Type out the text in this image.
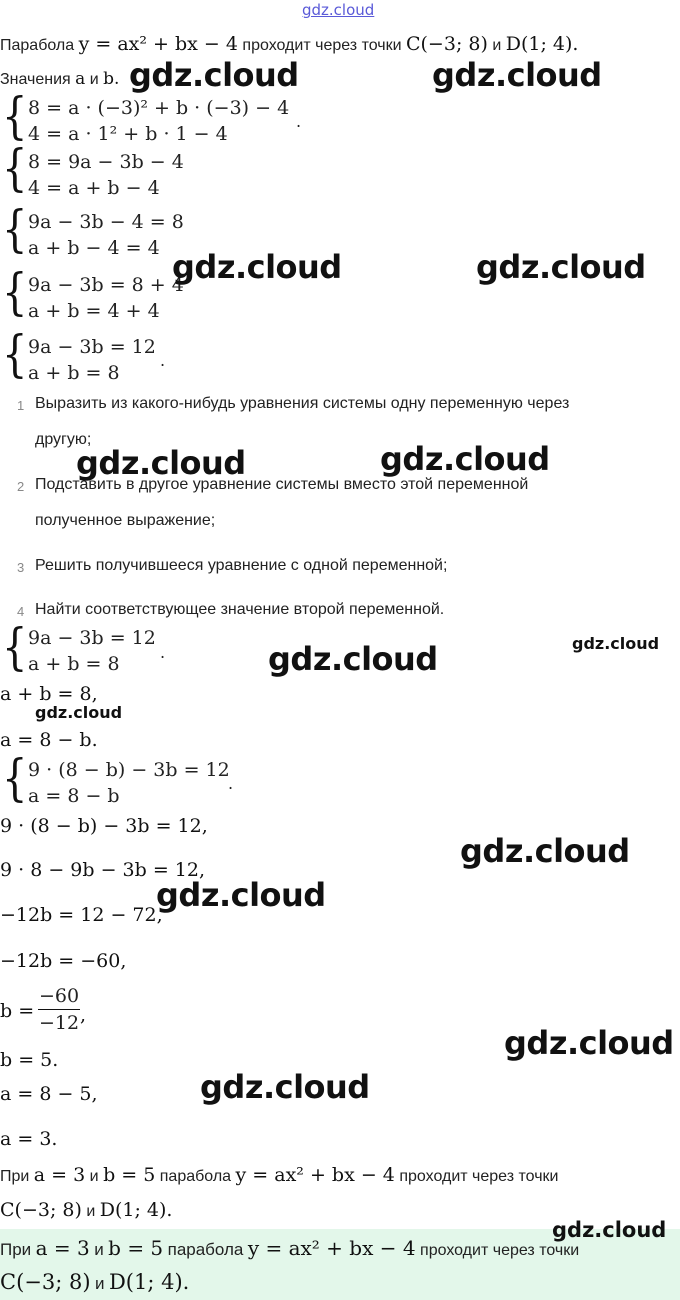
gdz.cloud
Парабола y = ax² + bx − 4 проходит через точки C(−3; 8) и D(1; 4).
Значения a и b.
{ 8 = a · (−3)² + b · (−3) − 4
4 = a · 1² + b · 1 − 4
.
{ 8 = 9a − 3b − 4
4 = a + b − 4
{ 9a − 3b − 4 = 8
a + b − 4 = 4
{ 9a − 3b = 8 + 4
a + b = 4 + 4
{ 9a − 3b = 12
a + b = 8
.
1 Выразить из какого-нибудь уравнения системы одну переменную через
другую;
2 Подставить в другое уравнение системы вместо этой переменной
полученное выражение;
3 Решить получившееся уравнение с одной переменной;
4 Найти соответствующее значение второй переменной.
{ 9a − 3b = 12
a + b = 8
.
a + b = 8,
a = 8 − b.
{ 9 · (8 − b) − 3b = 12
a = 8 − b
.
9 · (8 − b) − 3b = 12,
9 · 8 − 9b − 3b = 12,
−12b = 12 − 72,
−12b = −60,
b =
−60
−12 ,
b = 5.
a = 8 − 5,
a = 3.
При a = 3 и b = 5 парабола y = ax² + bx − 4 проходит через точки
C(−3; 8) и D(1; 4).
При a = 3 и b = 5 парабола y = ax² + bx − 4 проходит через точки
C(−3; 8) и D(1; 4).
gdz.cloud	gdz.cloud
gdz.cloud	gdz.cloud
gdz.cloud	gdz.cloud
gdz.cloud
gdz.cloud
gdz.cloud
gdz.cloud
gdz.cloud
gdz.cloud
gdz.cloud
gdz.cloud
